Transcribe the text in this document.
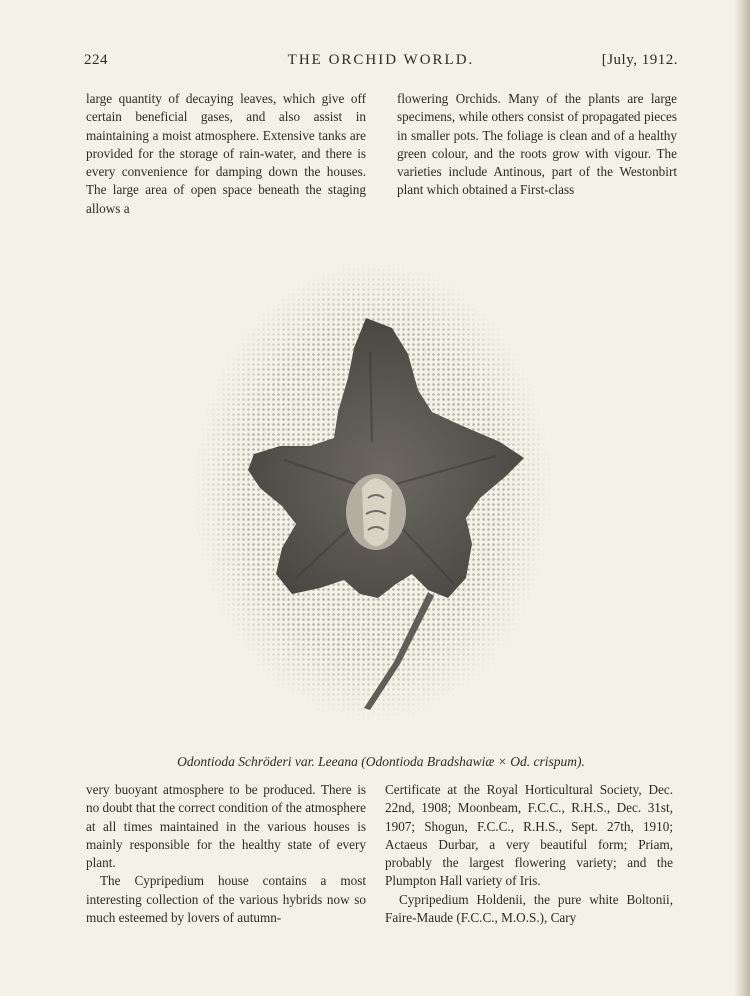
224	THE ORCHID WORLD.	[July, 1912.

large quantity of decaying leaves, which give off certain beneficial gases, and also assist in maintaining a moist atmosphere. Extensive tanks are provided for the storage of rain-water, and there is every convenience for damping down the houses. The large area of open space beneath the staging allows a

flowering Orchids. Many of the plants are large specimens, while others consist of propagated pieces in smaller pots. The foliage is clean and of a healthy green colour, and the roots grow with vigour. The varieties include Antinous, part of the Westonbirt plant which obtained a First-class

Odontioda Schröderi var. Leeana (Odontioda Bradshawiæ × Od. crispum).

very buoyant atmosphere to be produced. There is no doubt that the correct condition of the atmosphere at all times maintained in the various houses is mainly responsible for the healthy state of every plant.

The Cypripedium house contains a most interesting collection of the various hybrids now so much esteemed by lovers of autumn-

Certificate at the Royal Horticultural Society, Dec. 22nd, 1908; Moonbeam, F.C.C., R.H.S., Dec. 31st, 1907; Shogun, F.C.C., R.H.S., Sept. 27th, 1910; Actaeus Durbar, a very beautiful form; Priam, probably the largest flowering variety; and the Plumpton Hall variety of Iris.

Cypripedium Holdenii, the pure white Boltonii, Faire-Maude (F.C.C., M.O.S.), Cary
